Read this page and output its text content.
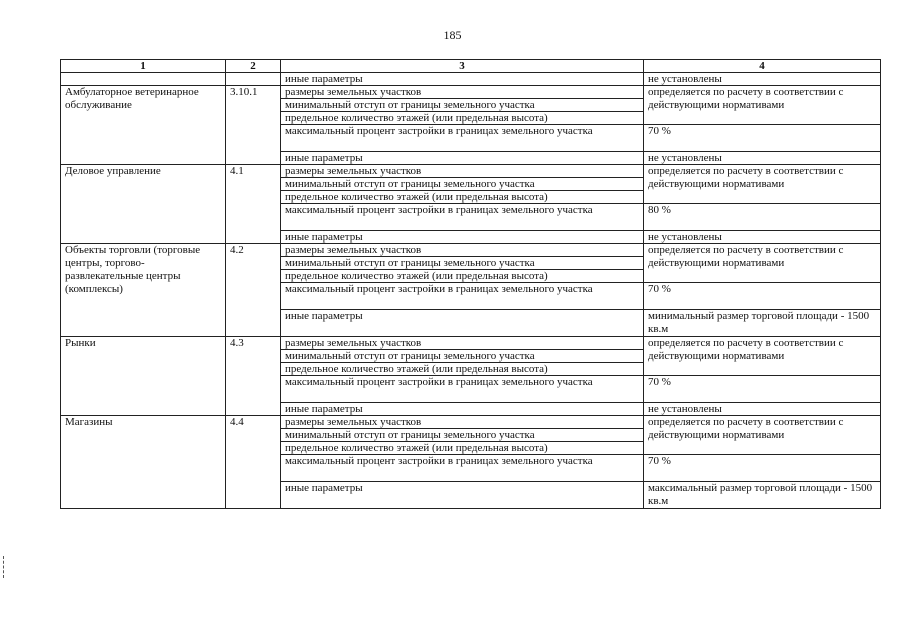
185
1	2	3	4
		иные параметры	не установлены
Амбулаторное ветеринарное обслуживание	3.10.1	размеры земельных участков	определяется по расчету в соответствии с действующими нормативами
		минимальный отступ от границы земельного участка	
		предельное количество этажей (или предельная высота)	
		максимальный процент застройки в границах земельного участка	70 %
		иные параметры	не установлены
Деловое управление	4.1	размеры земельных участков	определяется по расчету в соответствии с действующими нормативами
		минимальный отступ от границы земельного участка	
		предельное количество этажей (или предельная высота)	
		максимальный процент застройки в границах земельного участка	80 %
		иные параметры	не установлены
Объекты торговли (торговые центры, торгово-развлекательные центры (комплексы)	4.2	размеры земельных участков	определяется по расчету в соответствии с действующими нормативами
		минимальный отступ от границы земельного участка	
		предельное количество этажей (или предельная высота)	
		максимальный процент застройки в границах земельного участка	70 %
		иные параметры	минимальный размер торговой площади - 1500 кв.м
Рынки	4.3	размеры земельных участков	определяется по расчету в соответствии с действующими нормативами
		минимальный отступ от границы земельного участка	
		предельное количество этажей (или предельная высота)	
		максимальный процент застройки в границах земельного участка	70 %
		иные параметры	не установлены
Магазины	4.4	размеры земельных участков	определяется по расчету в соответствии с действующими нормативами
		минимальный отступ от границы земельного участка	
		предельное количество этажей (или предельная высота)	
		максимальный процент застройки в границах земельного участка	70 %
		иные параметры	максимальный размер торговой площади - 1500 кв.м
